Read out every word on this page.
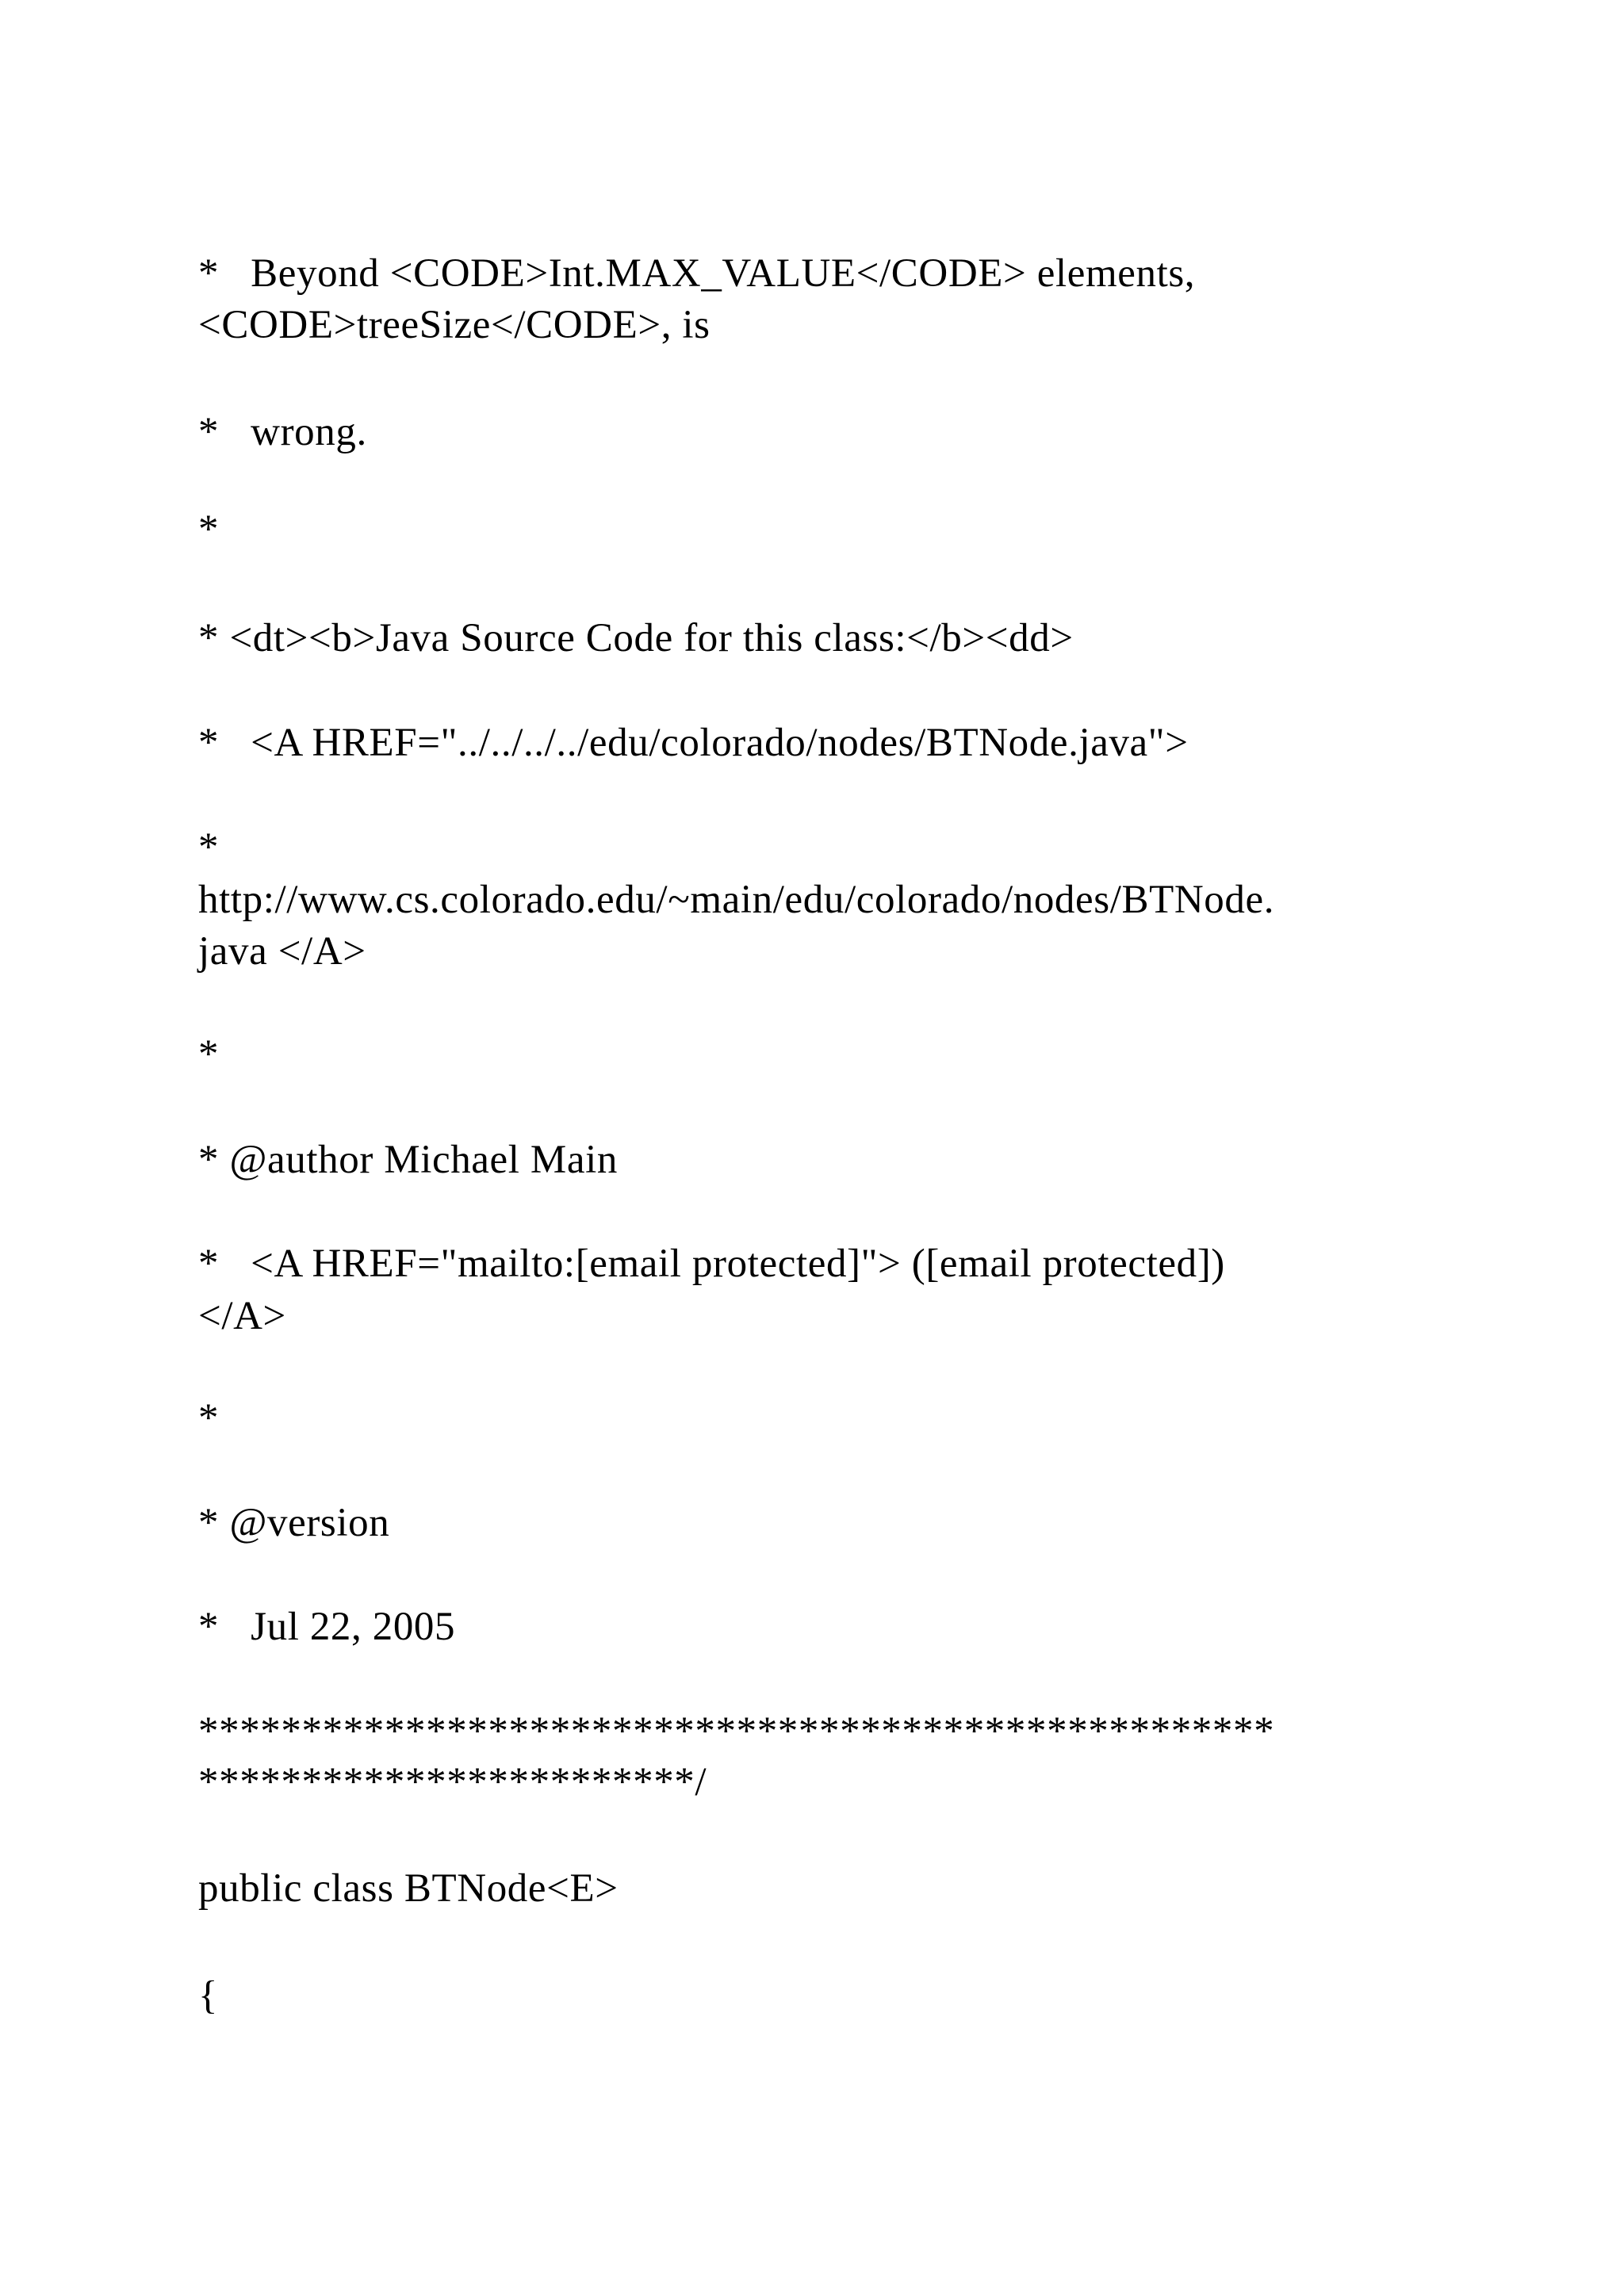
*   Beyond <CODE>Int.MAX_VALUE</CODE> elements,

<CODE>treeSize</CODE>, is

*   wrong.

*

* <dt><b>Java Source Code for this class:</b><dd>

*   <A HREF="../../../../edu/colorado/nodes/BTNode.java">

*

http://www.cs.colorado.edu/~main/edu/colorado/nodes/BTNode.

java </A>

*

* @author Michael Main

*   <A HREF="mailto:[email protected]"> ([email protected])

</A>

*

* @version

*   Jul 22, 2005

****************************************************

************************/

public class BTNode<E>

{
